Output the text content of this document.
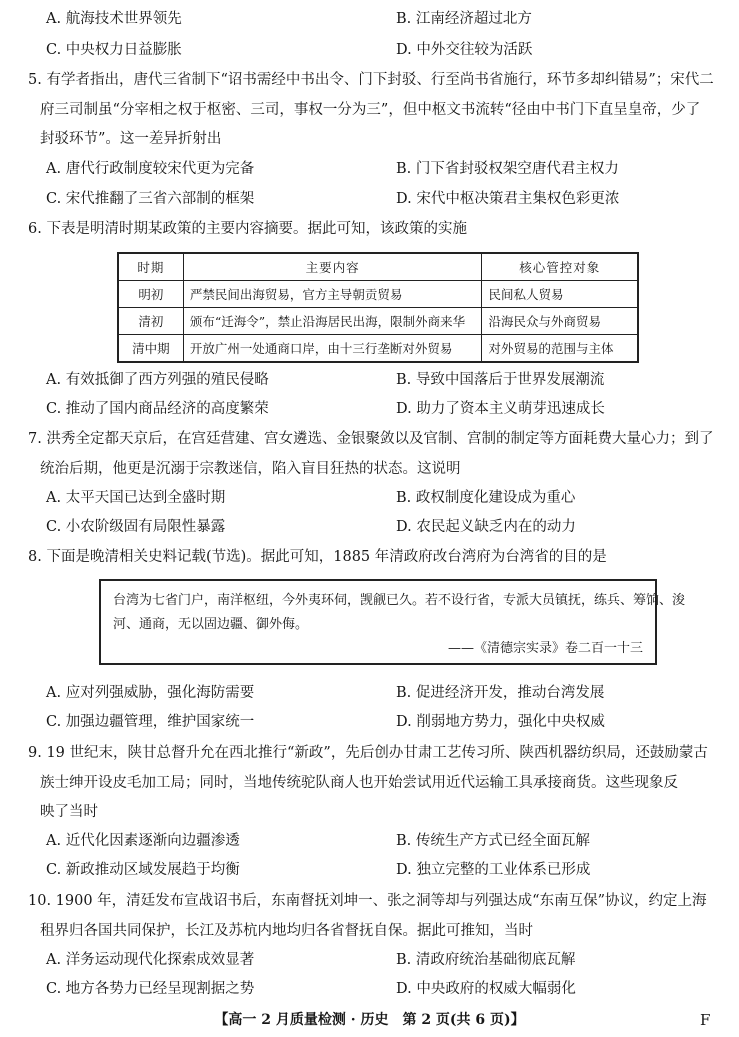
A. 航海技术世界领先	B. 江南经济超过北方
C. 中央权力日益膨胀	D. 中外交往较为活跃
5. 有学者指出，唐代三省制下“诏书需经中书出令、门下封驳、行至尚书省施行，环节多却纠错易”；宋代二
府三司制虽“分宰相之权于枢密、三司，事权一分为三”，但中枢文书流转“径由中书门下直呈皇帝，少了
封驳环节”。这一差异折射出
A. 唐代行政制度较宋代更为完备	B. 门下省封驳权架空唐代君主权力
C. 宋代推翻了三省六部制的框架	D. 宋代中枢决策君主集权色彩更浓
6. 下表是明清时期某政策的主要内容摘要。据此可知，该政策的实施
时期	主要内容	核心管控对象
明初	严禁民间出海贸易，官方主导朝贡贸易	民间私人贸易
清初	颁布“迁海令”，禁止沿海居民出海，限制外商来华	沿海民众与外商贸易
清中期	开放广州一处通商口岸，由十三行垄断对外贸易	对外贸易的范围与主体
A. 有效抵御了西方列强的殖民侵略	B. 导致中国落后于世界发展潮流
C. 推动了国内商品经济的高度繁荣	D. 助力了资本主义萌芽迅速成长
7. 洪秀全定都天京后，在宫廷营建、宫女遴选、金银聚敛以及官制、宫制的制定等方面耗费大量心力；到了
统治后期，他更是沉溺于宗教迷信，陷入盲目狂热的状态。这说明
A. 太平天国已达到全盛时期	B. 政权制度化建设成为重心
C. 小农阶级固有局限性暴露	D. 农民起义缺乏内在的动力
8. 下面是晚清相关史料记载(节选)。据此可知，1885 年清政府改台湾府为台湾省的目的是
台湾为七省门户，南洋枢纽，今外夷环伺，觊觎已久。若不设行省，专派大员镇抚，练兵、筹饷、浚
河、通商，无以固边疆、御外侮。
——《清德宗实录》卷二百一十三
A. 应对列强威胁，强化海防需要	B. 促进经济开发，推动台湾发展
C. 加强边疆管理，维护国家统一	D. 削弱地方势力，强化中央权威
9. 19 世纪末，陕甘总督升允在西北推行“新政”，先后创办甘肃工艺传习所、陕西机器纺织局，还鼓励蒙古
族士绅开设皮毛加工局；同时，当地传统驼队商人也开始尝试用近代运输工具承接商货。这些现象反
映了当时
A. 近代化因素逐渐向边疆渗透	B. 传统生产方式已经全面瓦解
C. 新政推动区域发展趋于均衡	D. 独立完整的工业体系已形成
10. 1900 年，清廷发布宣战诏书后，东南督抚刘坤一、张之洞等却与列强达成“东南互保”协议，约定上海
租界归各国共同保护，长江及苏杭内地均归各省督抚自保。据此可推知，当时
A. 洋务运动现代化探索成效显著	B. 清政府统治基础彻底瓦解
C. 地方各势力已经呈现割据之势	D. 中央政府的权威大幅弱化
【高一 2 月质量检测 · 历史　第 2 页(共 6 页)】	F
